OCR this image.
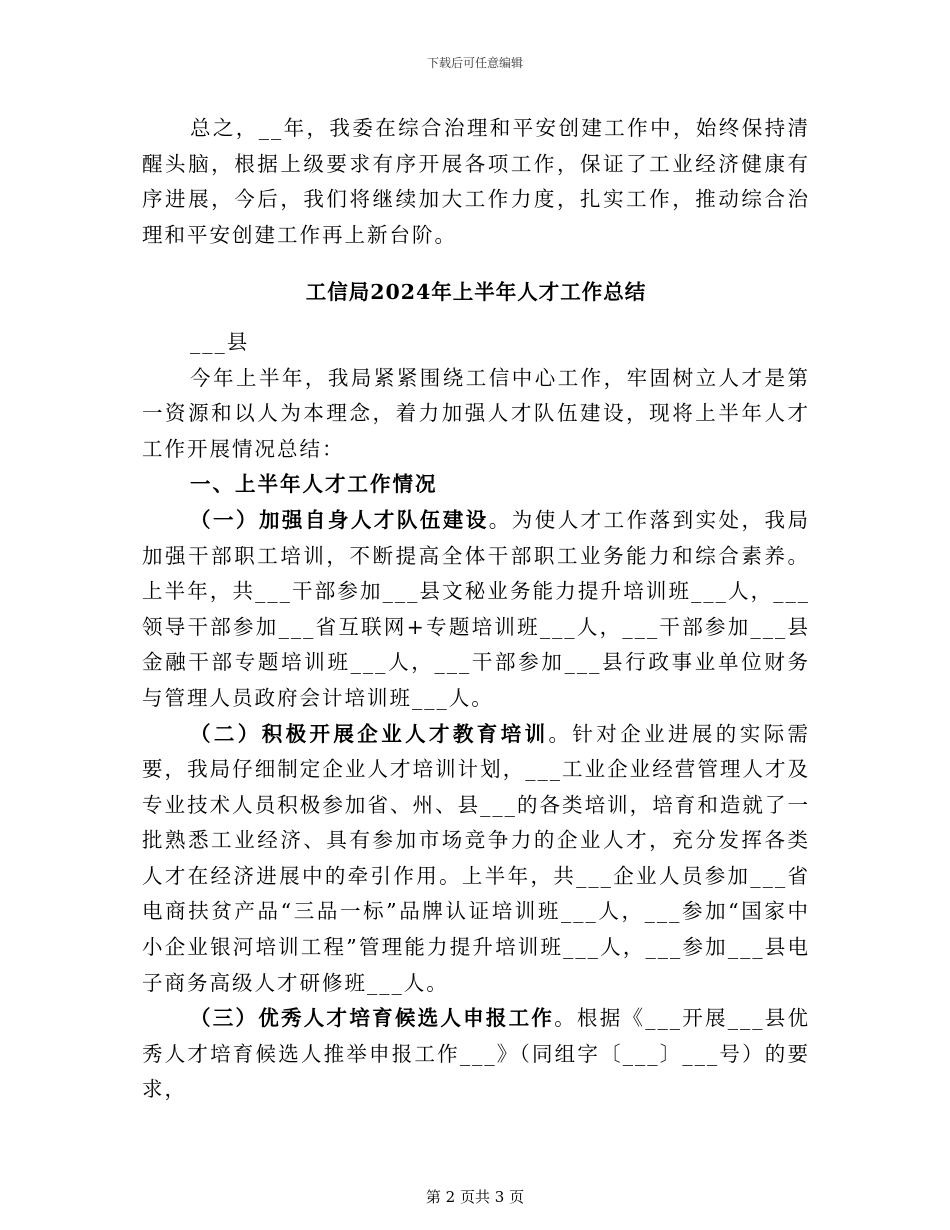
下载后可任意编辑

总之，__年，我委在综合治理和平安创建工作中，始终保持清醒头脑，根据上级要求有序开展各项工作，保证了工业经济健康有序进展，今后，我们将继续加大工作力度，扎实工作，推动综合治理和平安创建工作再上新台阶。

工信局2024年上半年人才工作总结

___县

今年上半年，我局紧紧围绕工信中心工作，牢固树立人才是第一资源和以人为本理念，着力加强人才队伍建设，现将上半年人才工作开展情况总结：

一、上半年人才工作情况

（一）加强自身人才队伍建设。为使人才工作落到实处，我局加强干部职工培训，不断提高全体干部职工业务能力和综合素养。上半年，共___干部参加___县文秘业务能力提升培训班___人，___领导干部参加___省互联网+专题培训班___人，___干部参加___县金融干部专题培训班___人，___干部参加___县行政事业单位财务与管理人员政府会计培训班___人。

（二）积极开展企业人才教育培训。针对企业进展的实际需要，我局仔细制定企业人才培训计划，___工业企业经营管理人才及专业技术人员积极参加省、州、县___的各类培训，培育和造就了一批熟悉工业经济、具有参加市场竞争力的企业人才，充分发挥各类人才在经济进展中的牵引作用。上半年，共___企业人员参加___省电商扶贫产品“三品一标”品牌认证培训班___人，___参加“国家中小企业银河培训工程”管理能力提升培训班___人，___参加___县电子商务高级人才研修班___人。

（三）优秀人才培育候选人申报工作。根据《___开展___县优秀人才培育候选人推举申报工作___》（同组字〔___〕___号）的要求，

第 2 页共 3 页
